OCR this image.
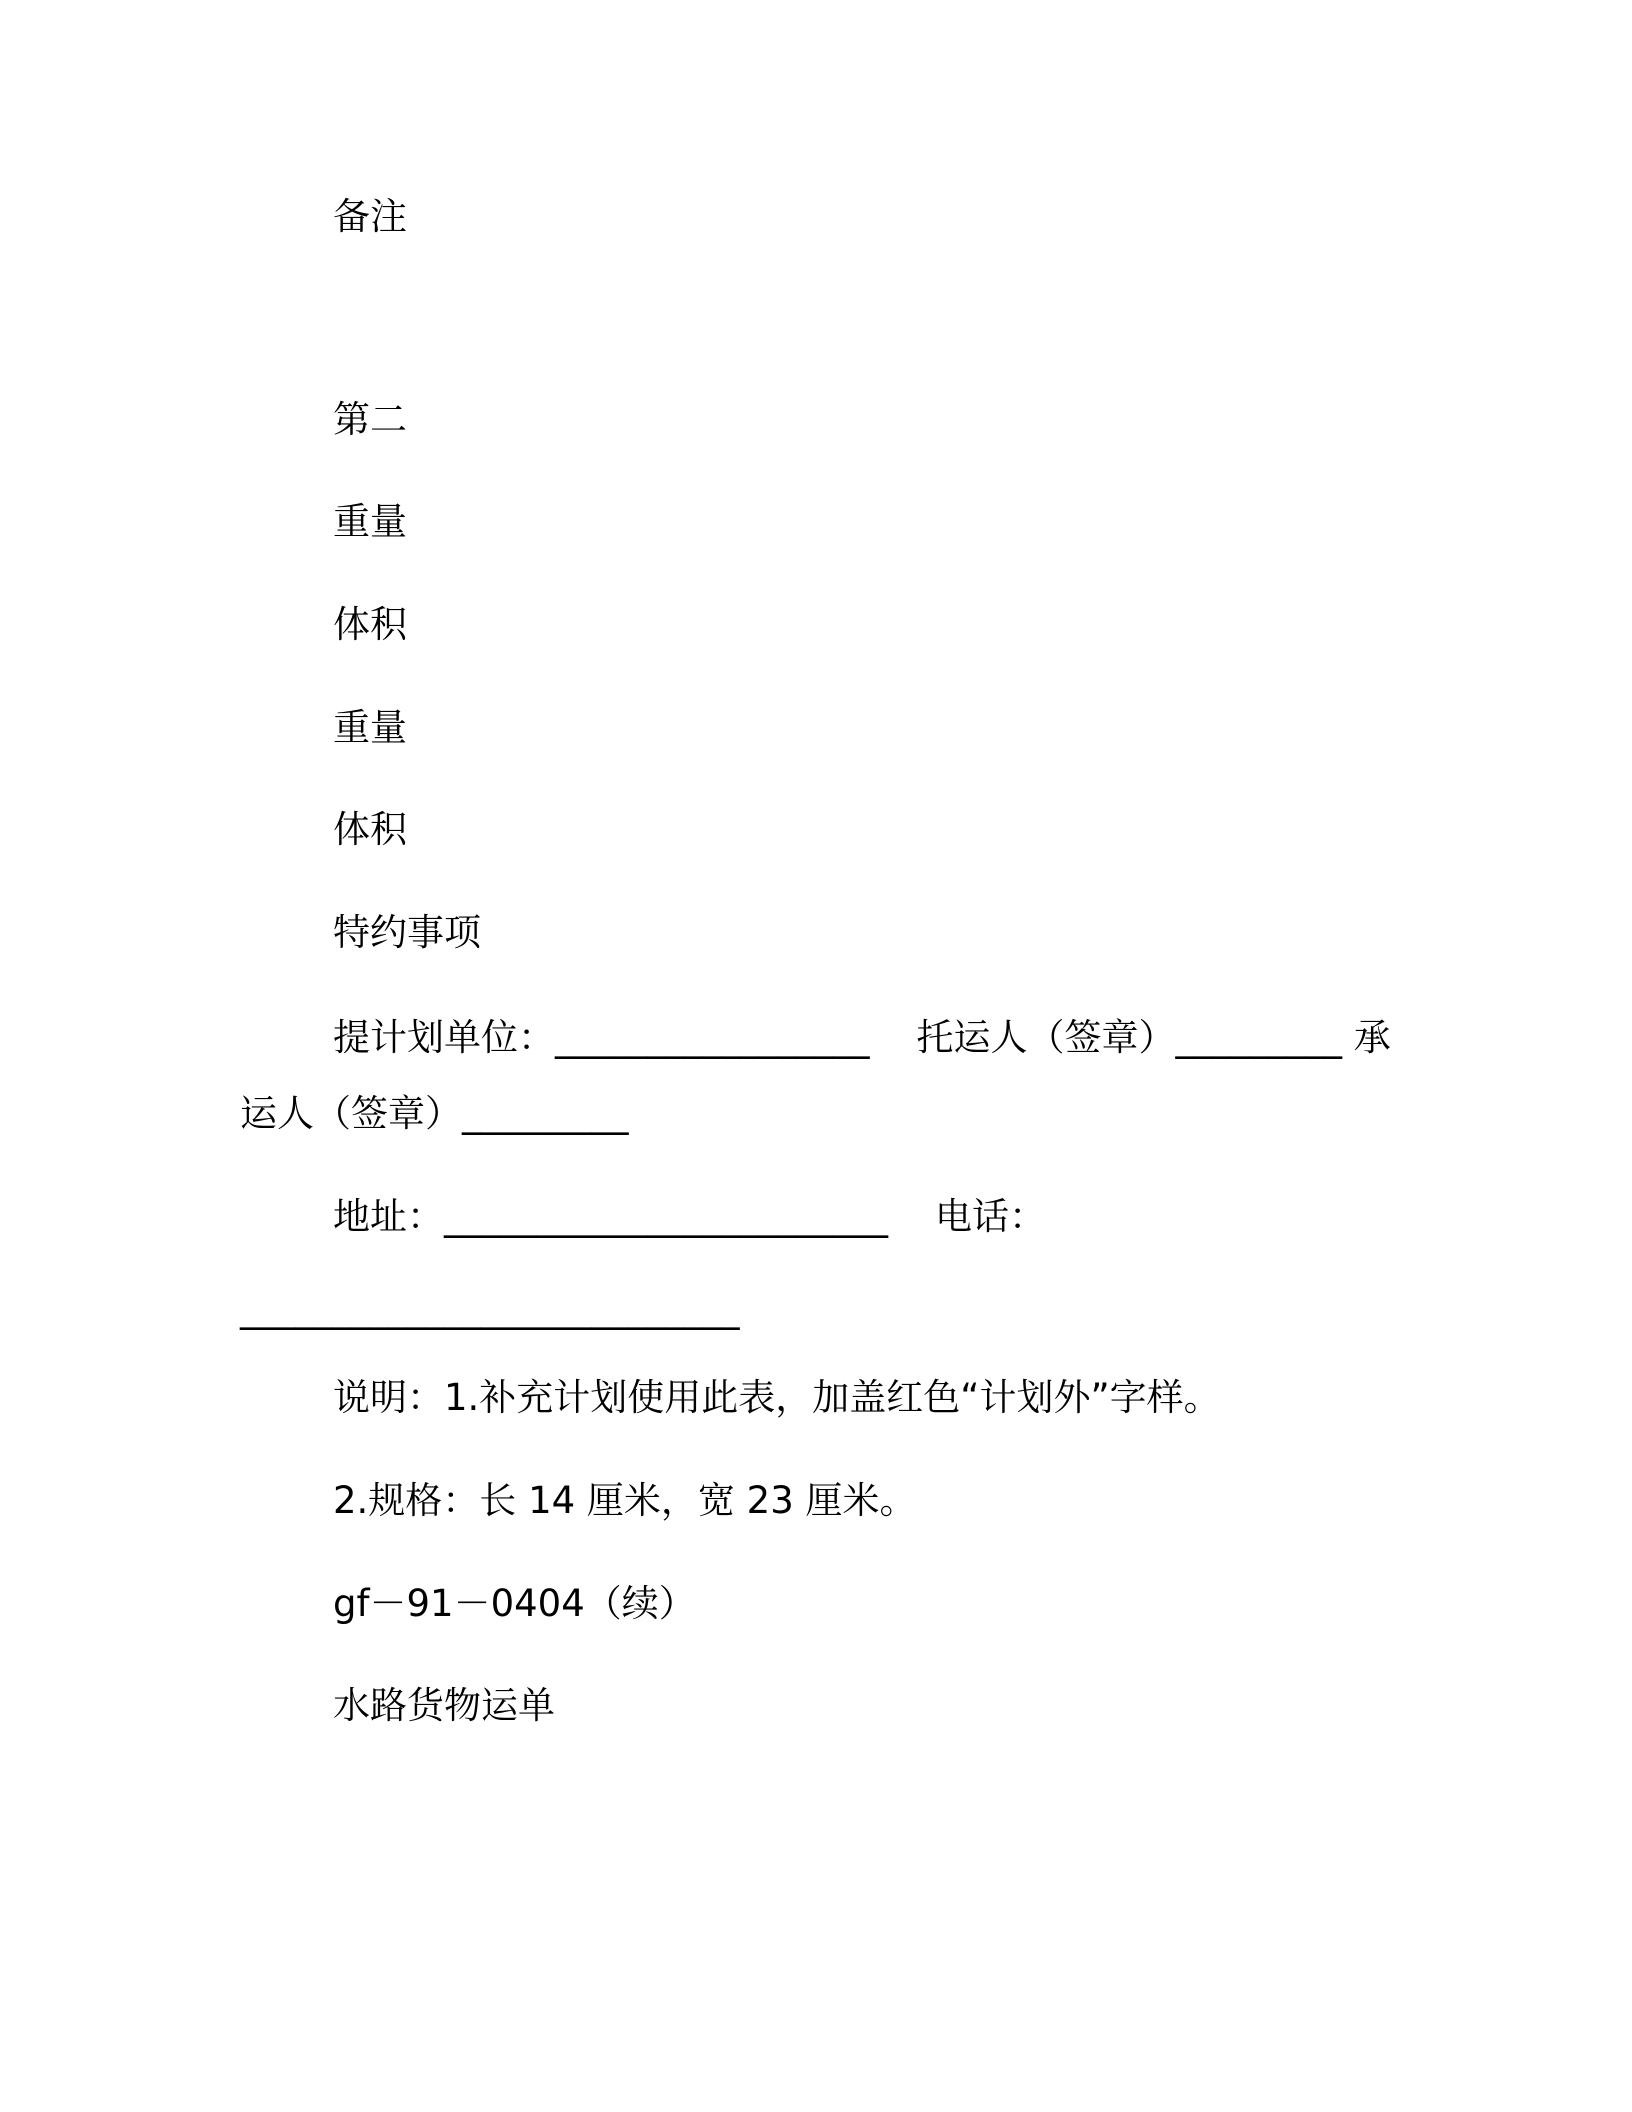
备注
第二
重量
体积
重量
体积
特约事项
提计划单位：_________________    托运人（签章）_________ 承
运人（签章）_________
地址：________________________    电话：
___________________________
说明：1.补充计划使用此表，加盖红色“计划外”字样。
2.规格：长 14 厘米，宽 23 厘米。
gf－91－0404（续）
水路货物运单
